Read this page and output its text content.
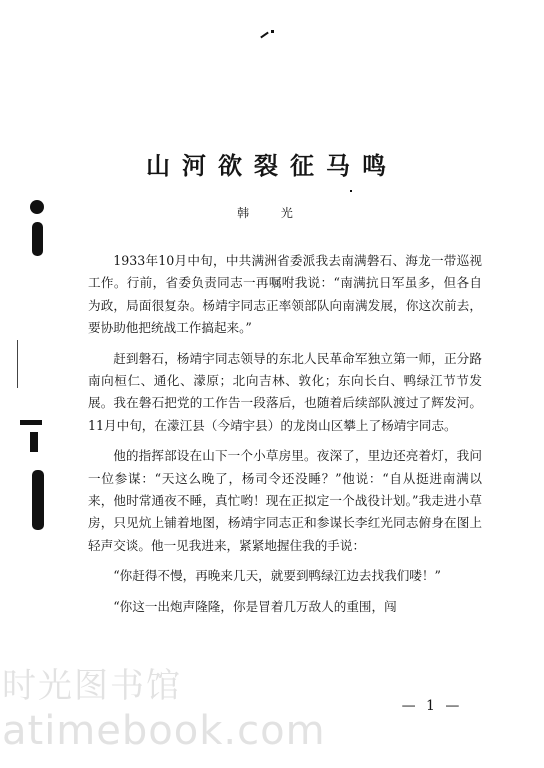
山河欲裂征马鸣
韩 光

1933年10月中旬，中共满洲省委派我去南满磐石、海龙一带巡视工作。行前，省委负责同志一再嘱咐我说：“南满抗日军虽多，但各自为政，局面很复杂。杨靖宇同志正率领部队向南满发展，你这次前去，要协助他把统战工作搞起来。”

赶到磐石，杨靖宇同志领导的东北人民革命军独立第一师，正分路南向桓仁、通化、濛原；北向吉林、敦化；东向长白、鸭绿江节节发展。我在磐石把党的工作告一段落后，也随着后续部队渡过了辉发河。11月中旬，在濛江县（今靖宇县）的龙岗山区攀上了杨靖宇同志。

他的指挥部设在山下一个小草房里。夜深了，里边还亮着灯，我问一位参谋：“天这么晚了，杨司令还没睡？”他说：“自从挺进南满以来，他时常通夜不睡，真忙哟！现在正拟定一个战役计划。”我走进小草房，只见炕上铺着地图，杨靖宇同志正和参谋长李红光同志俯身在图上轻声交谈。他一见我进来，紧紧地握住我的手说：

“你赶得不慢，再晚来几天，就要到鸭绿江边去找我们喽！”

“你这一出炮声隆隆，你是冒着几万敌人的重围，闯

时光图书馆
atimebook.com
— 1 —
